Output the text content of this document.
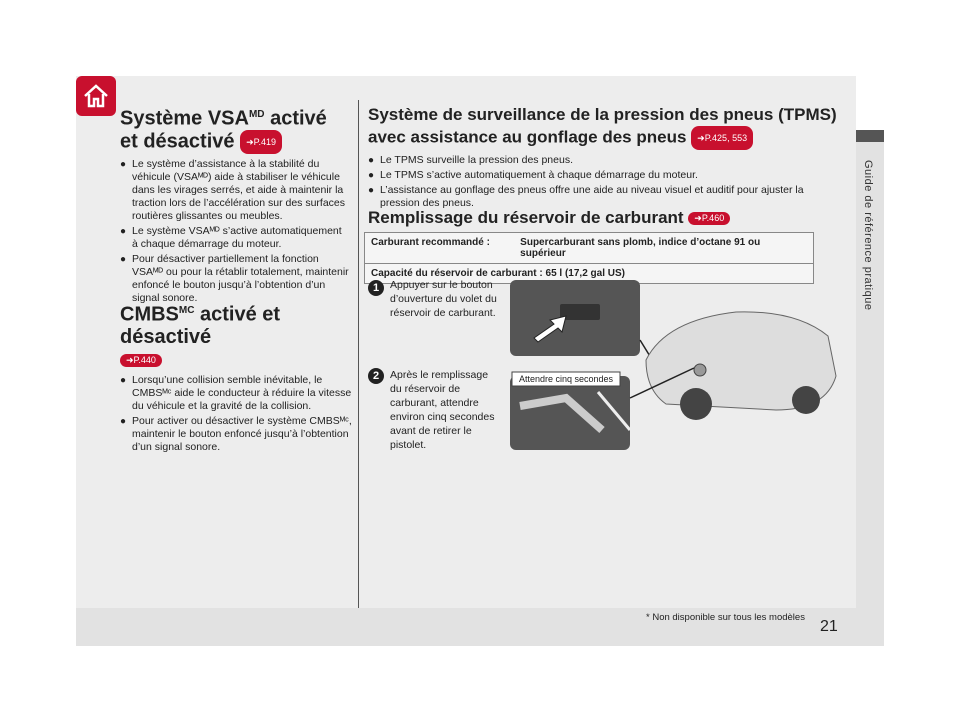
Guide de référence pratique
Système $VSA^{MD}$ activé et désactivé ➜P.419
● Le système d’assistance à la stabilité du véhicule (VSAᴹᴰ) aide à stabiliser le véhicule dans les virages serrés, et aide à maintenir la traction lors de l’accélération sur des surfaces routières glissantes ou meubles.
● Le système VSAᴹᴰ s’active automatiquement à chaque démarrage du moteur.
● Pour désactiver partiellement la fonction VSAᴹᴰ ou pour la rétablir totalement, maintenir enfoncé le bouton jusqu’à l’obtention d’un signal sonore.
$CMBS^{MC}$ activé et désactivé
➜P.440
● Lorsqu’une collision semble inévitable, le CMBSᴹᶜ aide le conducteur à réduire la vitesse du véhicule et la gravité de la collision.
● Pour activer ou désactiver le système CMBSᴹᶜ, maintenir le bouton enfoncé jusqu’à l’obtention d’un signal sonore.
Système de surveillance de la pression des pneus (TPMS) avec assistance au gonflage des pneus ➜P.425, 553
● Le TPMS surveille la pression des pneus.
● Le TPMS s’active automatiquement à chaque démarrage du moteur.
● L’assistance au gonflage des pneus offre une aide au niveau visuel et auditif pour ajuster la pression des pneus.
Remplissage du réservoir de carburant ➜P.460
Carburant recommandé :	Supercarburant sans plomb, indice d’octane 91 ou supérieur
Capacité du réservoir de carburant :
65 l (17,2 gal US)
1	Appuyer sur le bouton d’ouverture du volet du réservoir de carburant.
2	Après le remplissage du réservoir de carburant, attendre environ cinq secondes avant de retirer le pistolet.
Attendre cinq secondes
* Non disponible sur tous les modèles
21
